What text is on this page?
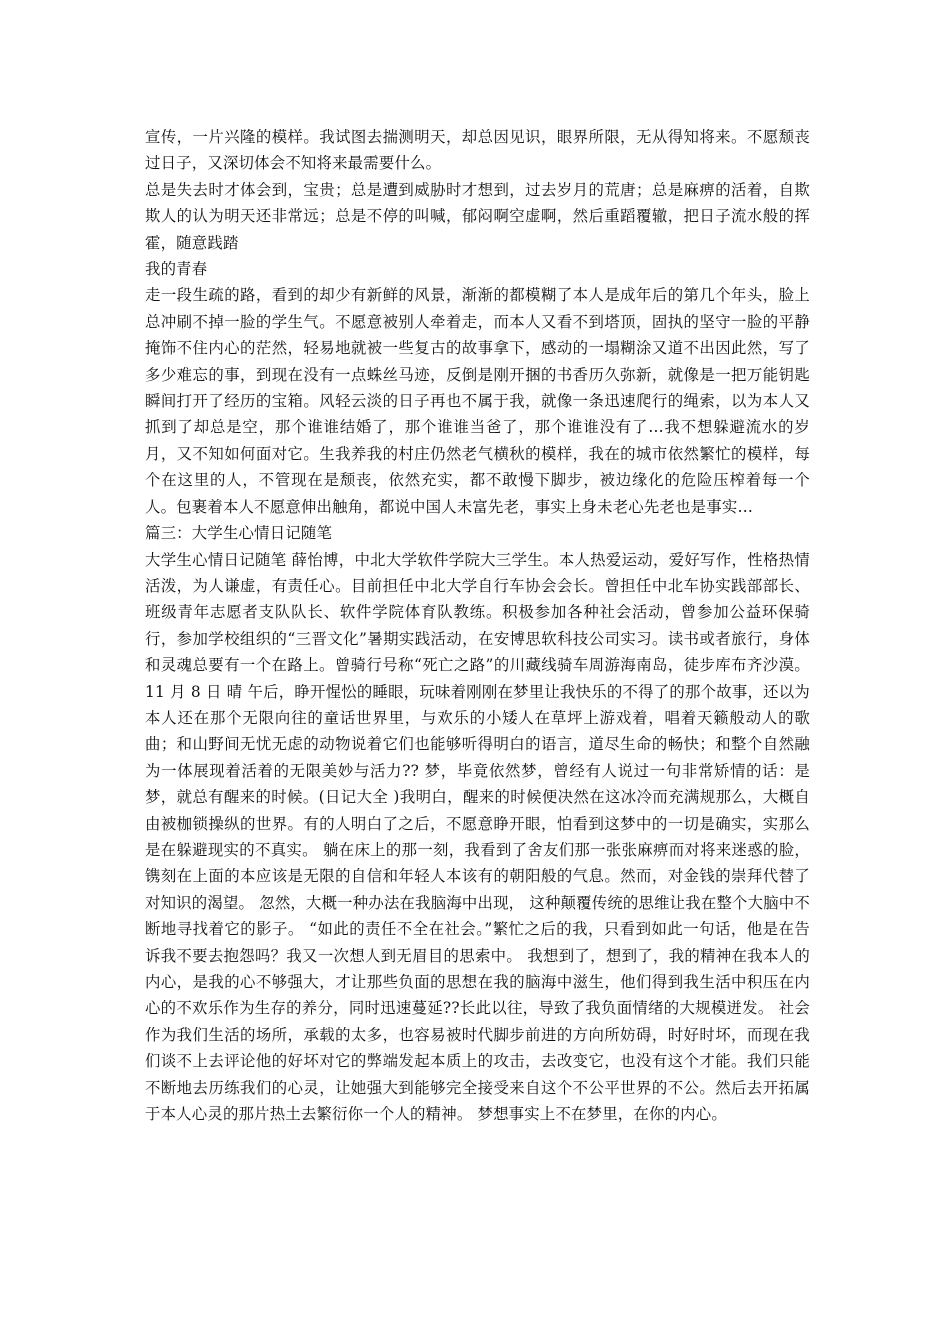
宣传，一片兴隆的模样。我试图去揣测明天，却总因见识，眼界所限，无从得知将来。不愿颓丧过日子，又深切体会不知将来最需要什么。

总是失去时才体会到，宝贵；总是遭到威胁时才想到，过去岁月的荒唐；总是麻痹的活着，自欺欺人的认为明天还非常远；总是不停的叫喊，郁闷啊空虚啊，然后重蹈覆辙，把日子流水般的挥霍，随意践踏

我的青春

走一段生疏的路，看到的却少有新鲜的风景，渐渐的都模糊了本人是成年后的第几个年头，脸上总冲刷不掉一脸的学生气。不愿意被别人牵着走，而本人又看不到塔顶，固执的坚守一脸的平静掩饰不住内心的茫然，轻易地就被一些复古的故事拿下，感动的一塌糊涂又道不出因此然，写了多少难忘的事，到现在没有一点蛛丝马迹，反倒是刚开捆的书香历久弥新，就像是一把万能钥匙瞬间打开了经历的宝箱。风轻云淡的日子再也不属于我，就像一条迅速爬行的绳索，以为本人又抓到了却总是空，那个谁谁结婚了，那个谁谁当爸了，那个谁谁没有了…我不想躲避流水的岁月，又不知如何面对它。生我养我的村庄仍然老气横秋的模样，我在的城市依然繁忙的模样，每个在这里的人，不管现在是颓丧，依然充实，都不敢慢下脚步，被边缘化的危险压榨着每一个人。包裹着本人不愿意伸出触角，都说中国人未富先老，事实上身未老心先老也是事实…

篇三：大学生心情日记随笔

大学生心情日记随笔 薛怡博，中北大学软件学院大三学生。本人热爱运动，爱好写作，性格热情活泼，为人谦虚，有责任心。目前担任中北大学自行车协会会长。曾担任中北车协实践部部长、班级青年志愿者支队队长、软件学院体育队教练。积极参加各种社会活动，曾参加公益环保骑行，参加学校组织的“三晋文化”暑期实践活动，在安博思软科技公司实习。读书或者旅行，身体和灵魂总要有一个在路上。曾骑行号称“死亡之路”的川藏线骑车周游海南岛，徒步库布齐沙漠。 11 月 8 日 晴 午后，睁开惺忪的睡眼，玩味着刚刚在梦里让我快乐的不得了的那个故事，还以为本人还在那个无限向往的童话世界里，与欢乐的小矮人在草坪上游戏着，唱着天籁般动人的歌曲；和山野间无忧无虑的动物说着它们也能够听得明白的语言，道尽生命的畅快；和整个自然融为一体展现着活着的无限美妙与活力?? 梦，毕竟依然梦，曾经有人说过一句非常矫情的话：是梦，就总有醒来的时候。(日记大全 )我明白，醒来的时候便决然在这冰冷而充满规那么，大概自由被枷锁操纵的世界。有的人明白了之后，不愿意睁开眼，怕看到这梦中的一切是确实，实那么是在躲避现实的不真实。 躺在床上的那一刻，我看到了舍友们那一张张麻痹而对将来迷惑的脸，镌刻在上面的本应该是无限的自信和年轻人本该有的朝阳般的气息。然而，对金钱的崇拜代替了对知识的渴望。 忽然，大概一种办法在我脑海中出现， 这种颠覆传统的思维让我在整个大脑中不断地寻找着它的影子。 “如此的责任不全在社会。”繁忙之后的我，只看到如此一句话，他是在告诉我不要去抱怨吗？我又一次想人到无眉目的思索中。 我想到了，想到了，我的精神在我本人的内心，是我的心不够强大，才让那些负面的思想在我的脑海中滋生，他们得到我生活中积压在内心的不欢乐作为生存的养分，同时迅速蔓延??长此以往，导致了我负面情绪的大规模迸发。 社会作为我们生活的场所，承载的太多，也容易被时代脚步前进的方向所妨碍，时好时坏，而现在我们谈不上去评论他的好坏对它的弊端发起本质上的攻击，去改变它，也没有这个才能。我们只能不断地去历练我们的心灵，让她强大到能够完全接受来自这个不公平世界的不公。然后去开拓属于本人心灵的那片热土去繁衍你一个人的精神。 梦想事实上不在梦里，在你的内心。
